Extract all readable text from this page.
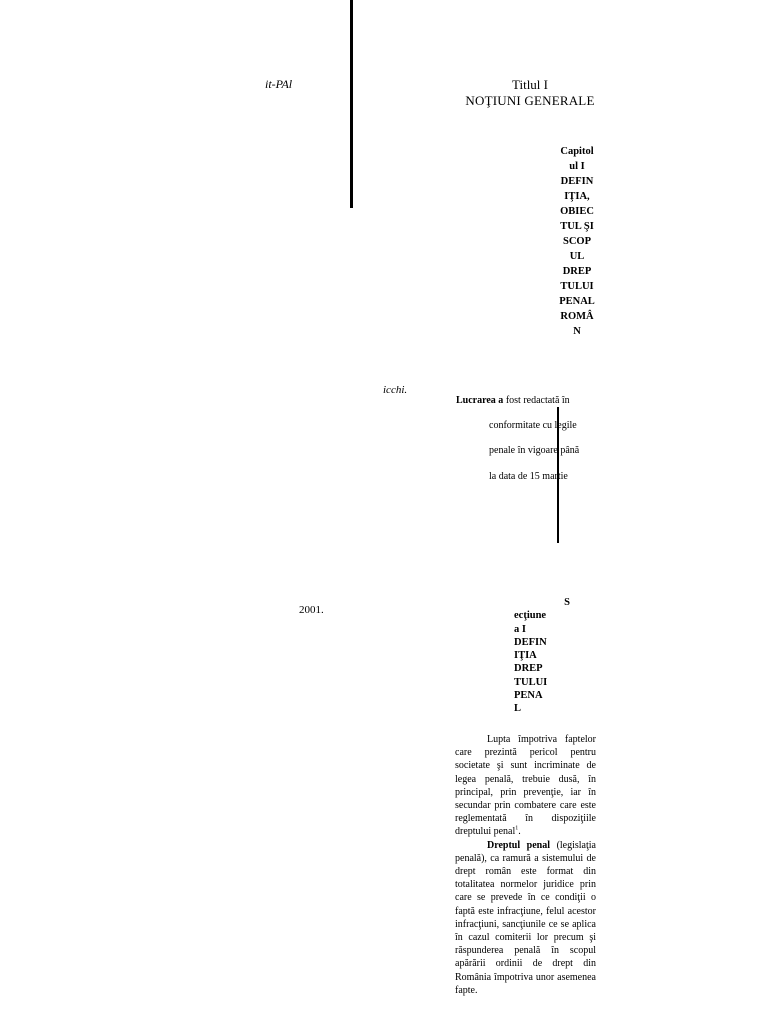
it-PAl
icchi.
2001.
Titlul I
NOŢIUNI GENERALE
Capitol
ul I
DEFIN
IŢIA,
OBIEC
TUL ŞI
SCOP
UL
DREP
TULUI
PENAL
ROMÂ
N
Lucrarea a fost redactată în
conformitate cu legile
penale în vigoare până
la data de 15 martie
S
ecţiune
a I
DEFIN
IŢIA
DREP
TULUI
PENA
L

Lupta împotriva faptelor care prezintă pericol pentru societate şi sunt incriminate de legea penală, trebuie dusă, în principal, prin prevenţie, iar în secundar prin combatere care este reglementată în dispoziţiile dreptului penal$^1$.

Dreptul penal (legislaţia penală), ca ramură a sistemului de drept român este format din totalitatea normelor juridice prin care se prevede în ce condiţii o faptă este infracţiune, felul acestor infracţiuni, sancţiunile ce se aplica în cazul comiterii lor precum şi răspunderea penală în scopul apărării ordinii de drept din România împotriva unor asemenea fapte.
